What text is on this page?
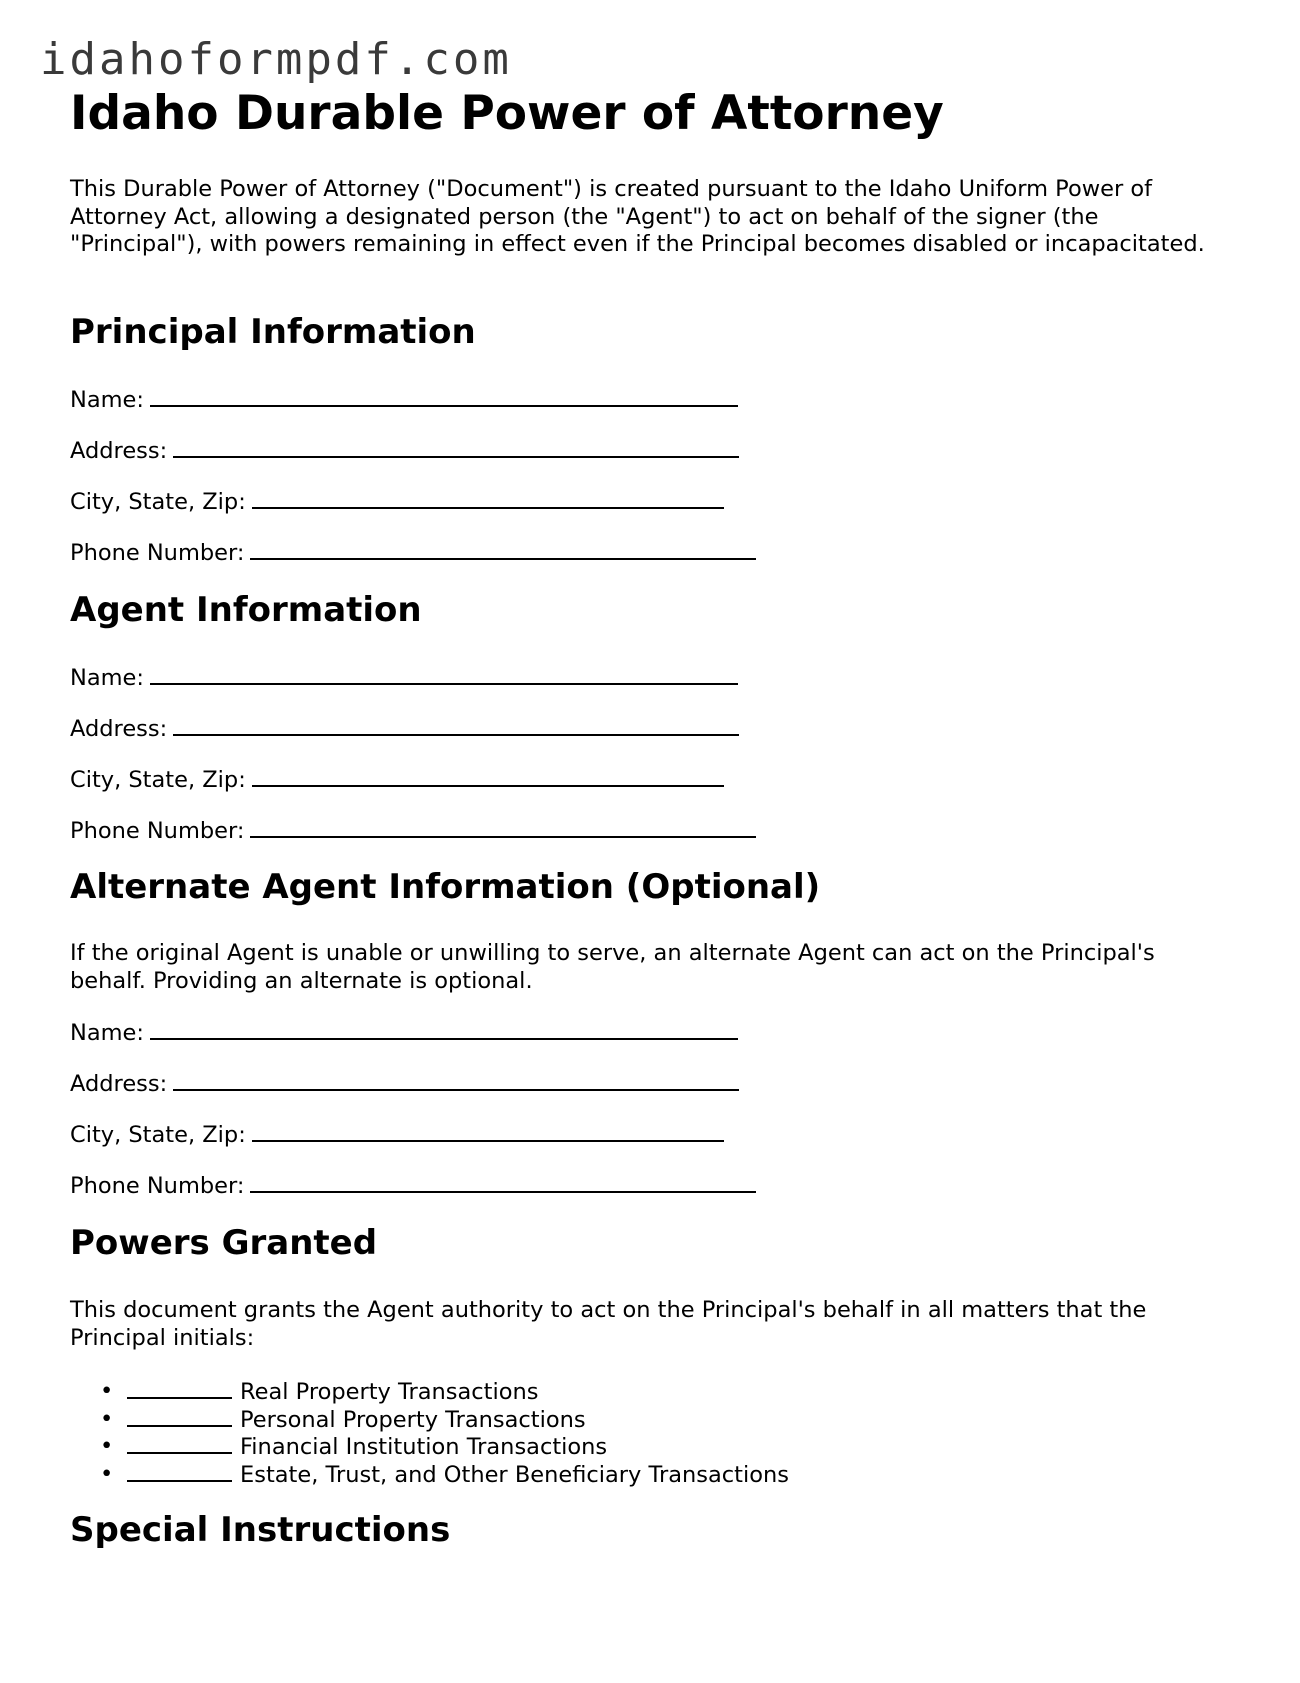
idahoformpdf.com
Idaho Durable Power of Attorney

This Durable Power of Attorney ("Document") is created pursuant to the Idaho Uniform Power of Attorney Act, allowing a designated person (the "Agent") to act on behalf of the signer (the "Principal"), with powers remaining in effect even if the Principal becomes disabled or incapacitated.

Principal Information
Name:
Address:
City, State, Zip:
Phone Number:
Agent Information
Name:
Address:
City, State, Zip:
Phone Number:
Alternate Agent Information (Optional)

If the original Agent is unable or unwilling to serve, an alternate Agent can act on the Principal's behalf. Providing an alternate is optional.

Name:
Address:
City, State, Zip:
Phone Number:
Powers Granted

This document grants the Agent authority to act on the Principal's behalf in all matters that the Principal initials:

• Real Property Transactions
• Personal Property Transactions
• Financial Institution Transactions
• Estate, Trust, and Other Beneficiary Transactions
Special Instructions
